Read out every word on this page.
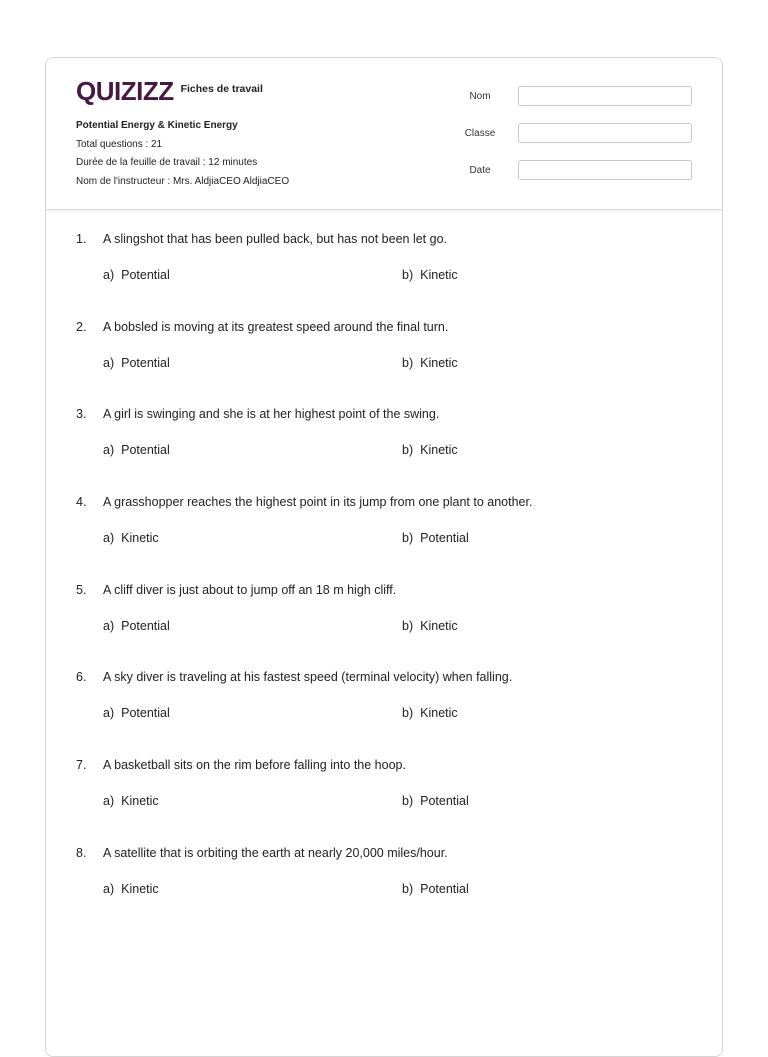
QUIZIZZ Fiches de travail
Potential Energy & Kinetic Energy
Total questions : 21
Durée de la feuille de travail : 12 minutes
Nom de l'instructeur : Mrs. AldjiaCEO AldjiaCEO
Nom
Classe
Date
1.	A slingshot that has been pulled back, but has not been let go.
a) Potential	b) Kinetic
2.	A bobsled is moving at its greatest speed around the final turn.
a) Potential	b) Kinetic
3.	A girl is swinging and she is at her highest point of the swing.
a) Potential	b) Kinetic
4.	A grasshopper reaches the highest point in its jump from one plant to another.
a) Kinetic	b) Potential
5.	A cliff diver is just about to jump off an 18 m high cliff.
a) Potential	b) Kinetic
6.	A sky diver is traveling at his fastest speed (terminal velocity) when falling.
a) Potential	b) Kinetic
7.	A basketball sits on the rim before falling into the hoop.
a) Kinetic	b) Potential
8.	A satellite that is orbiting the earth at nearly 20,000 miles/hour.
a) Kinetic	b) Potential
